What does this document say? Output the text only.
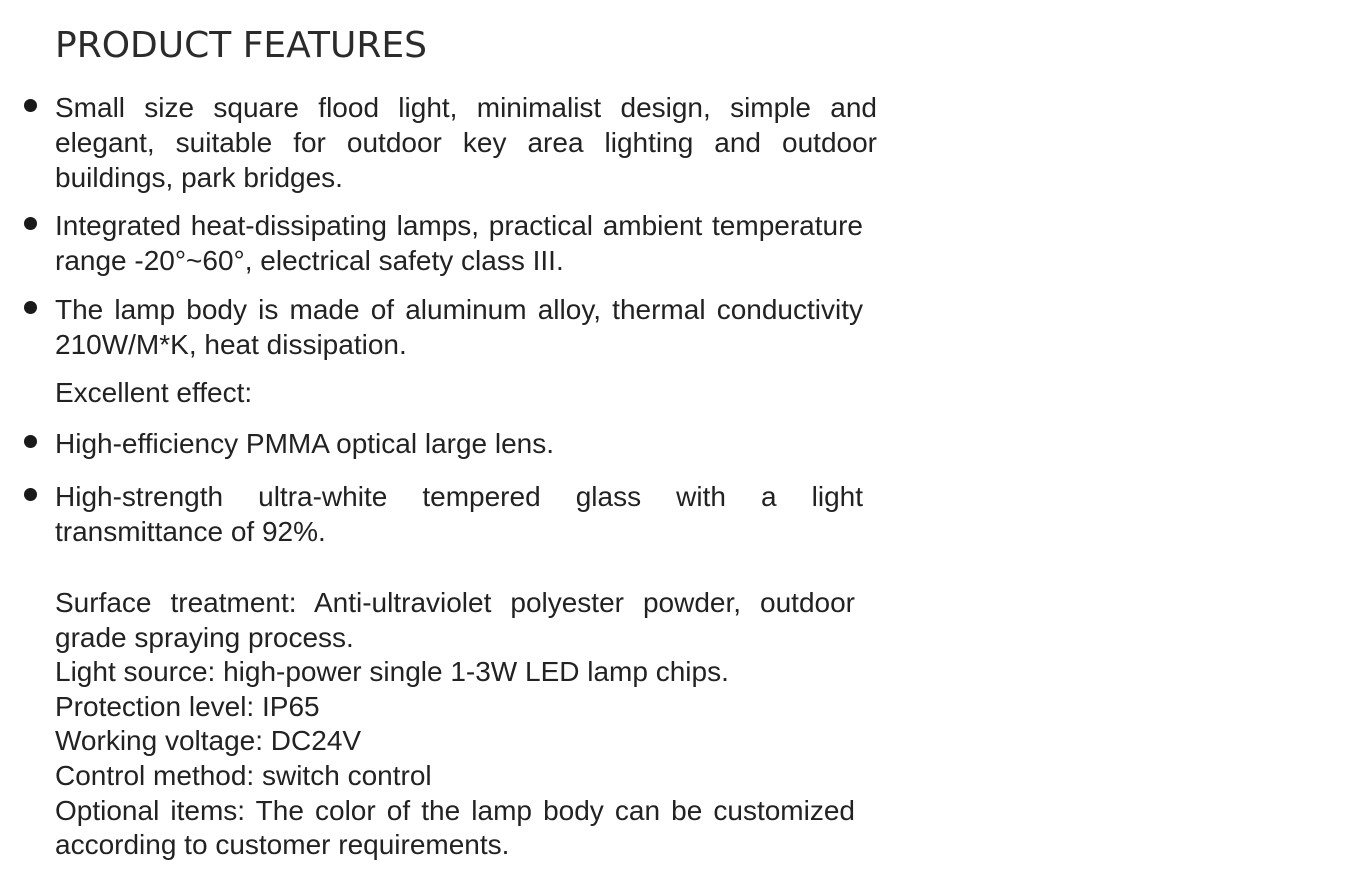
PRODUCT FEATURES

Small size square flood light, minimalist design, simple and elegant, suitable for outdoor key area lighting and outdoor buildings, park bridges.

Integrated heat-dissipating lamps, practical ambient temperature range -20°~60°, electrical safety class III.

The lamp body is made of aluminum alloy, thermal conductivity 210W/M*K, heat dissipation.

Excellent effect:

High-efficiency PMMA optical large lens.

High-strength ultra-white tempered glass with a light transmittance of 92%.

Surface treatment: Anti-ultraviolet polyester powder, outdoor grade spraying process.
Light source: high-power single 1-3W LED lamp chips.
Protection level: IP65
Working voltage: DC24V
Control method: switch control
Optional items: The color of the lamp body can be customized according to customer requirements.
